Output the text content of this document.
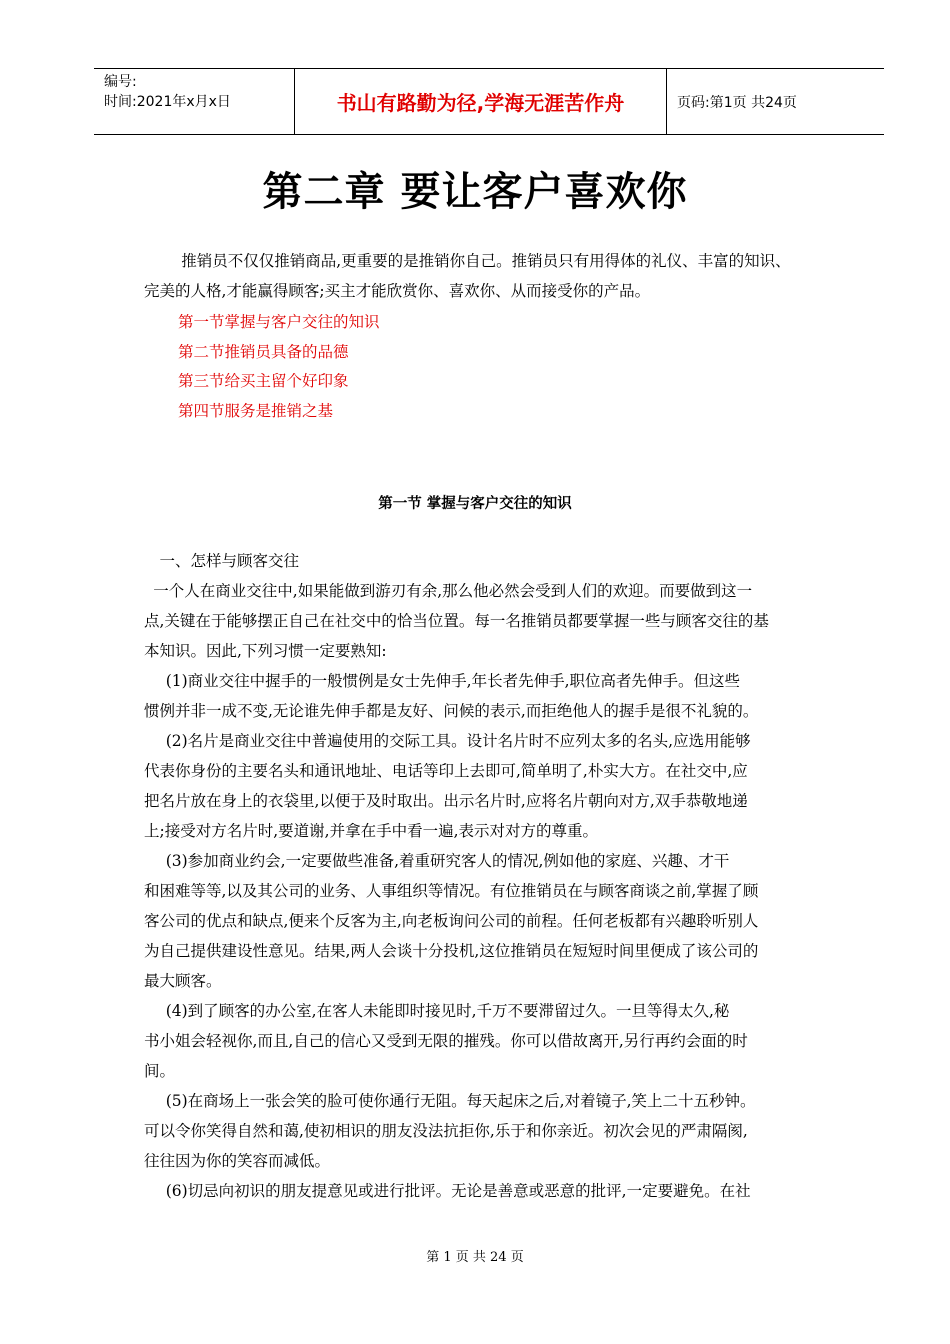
编号:
时间:2021年x月x日	书山有路勤为径,学海无涯苦作舟	页码:第1页 共24页
第二章 要让客户喜欢你

推销员不仅仅推销商品,更重要的是推销你自己。推销员只有用得体的礼仪、丰富的知识、

完美的人格,才能赢得顾客;买主才能欣赏你、喜欢你、从而接受你的产品。

第一节掌握与客户交往的知识
第二节推销员具备的品德
第三节给买主留个好印象
第四节服务是推销之基
第一节 掌握与客户交往的知识

一、怎样与顾客交往

一个人在商业交往中,如果能做到游刃有余,那么他必然会受到人们的欢迎。而要做到这一

点,关键在于能够摆正自己在社交中的恰当位置。每一名推销员都要掌握一些与顾客交往的基

本知识。因此,下列习惯一定要熟知:

(1)商业交往中握手的一般惯例是女士先伸手,年长者先伸手,职位高者先伸手。但这些

惯例并非一成不变,无论谁先伸手都是友好、问候的表示,而拒绝他人的握手是很不礼貌的。

(2)名片是商业交往中普遍使用的交际工具。设计名片时不应列太多的名头,应选用能够

代表你身份的主要名头和通讯地址、电话等印上去即可,简单明了,朴实大方。在社交中,应

把名片放在身上的衣袋里,以便于及时取出。出示名片时,应将名片朝向对方,双手恭敬地递

上;接受对方名片时,要道谢,并拿在手中看一遍,表示对对方的尊重。

(3)参加商业约会,一定要做些准备,着重研究客人的情况,例如他的家庭、兴趣、才干

和困难等等,以及其公司的业务、人事组织等情况。有位推销员在与顾客商谈之前,掌握了顾

客公司的优点和缺点,便来个反客为主,向老板询问公司的前程。任何老板都有兴趣聆听别人

为自己提供建设性意见。结果,两人会谈十分投机,这位推销员在短短时间里便成了该公司的

最大顾客。

(4)到了顾客的办公室,在客人未能即时接见时,千万不要滞留过久。一旦等得太久,秘

书小姐会轻视你,而且,自己的信心又受到无限的摧残。你可以借故离开,另行再约会面的时

间。

(5)在商场上一张会笑的脸可使你通行无阻。每天起床之后,对着镜子,笑上二十五秒钟。

可以令你笑得自然和蔼,使初相识的朋友没法抗拒你,乐于和你亲近。初次会见的严肃隔阂,

往往因为你的笑容而减低。

(6)切忌向初识的朋友提意见或进行批评。无论是善意或恶意的批评,一定要避免。在社

第 1 页 共 24 页
